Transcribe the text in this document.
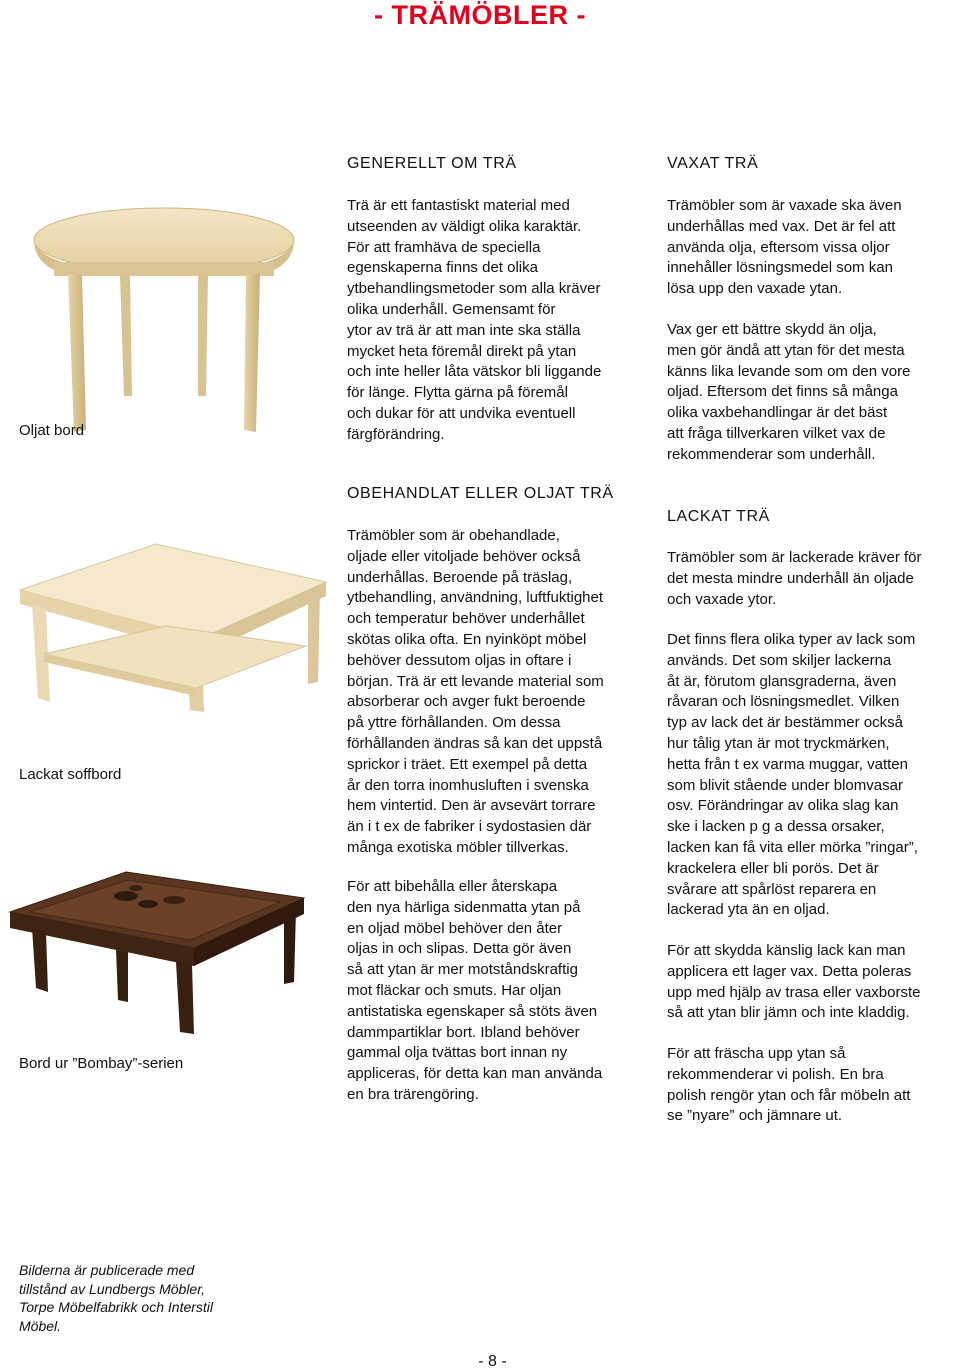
- TRÄMÖBLER -
Oljat bord
Lackat soffbord
Bord ur ”Bombay”-serien
GENERELLT OM TRÄ

Trä är ett fantastiskt material med
utseenden av väldigt olika karaktär.
För att framhäva de speciella
egenskaperna finns det olika
ytbehandlingsmetoder som alla kräver
olika underhåll. Gemensamt för
ytor av trä är att man inte ska ställa
mycket heta föremål direkt på ytan
och inte heller låta vätskor bli liggande
för länge. Flytta gärna på föremål
och dukar för att undvika eventuell
färgförändring.

OBEHANDLAT ELLER OLJAT TRÄ

Trämöbler som är obehandlade,
oljade eller vitoljade behöver också
underhållas. Beroende på träslag,
ytbehandling, användning, luftfuktighet
och temperatur behöver underhållet
skötas olika ofta. En nyinköpt möbel
behöver dessutom oljas in oftare i
början. Trä är ett levande material som
absorberar och avger fukt beroende
på yttre förhållanden. Om dessa
förhållanden ändras så kan det uppstå
sprickor i träet. Ett exempel på detta
år den torra inomhusluften i svenska
hem vintertid. Den är avsevärt torrare
än i t ex de fabriker i sydostasien där
många exotiska möbler tillverkas.

För att bibehålla eller återskapa
den nya härliga sidenmatta ytan på
en oljad möbel behöver den åter
oljas in och slipas. Detta gör även
så att ytan är mer motståndskraftig
mot fläckar och smuts. Har oljan
antistatiska egenskaper så stöts även
dammpartiklar bort. Ibland behöver
gammal olja tvättas bort innan ny
appliceras, för detta kan man använda
en bra trärengöring.

VAXAT TRÄ

Trämöbler som är vaxade ska även
underhållas med vax. Det är fel att
använda olja, eftersom vissa oljor
innehåller lösningsmedel som kan
lösa upp den vaxade ytan.

Vax ger ett bättre skydd än olja,
men gör ändå att ytan för det mesta
känns lika levande som om den vore
oljad. Eftersom det finns så många
olika vaxbehandlingar är det bäst
att fråga tillverkaren vilket vax de
rekommenderar som underhåll.

LACKAT TRÄ

Trämöbler som är lackerade kräver för
det mesta mindre underhåll än oljade
och vaxade ytor.

Det finns flera olika typer av lack som
används. Det som skiljer lackerna
åt är, förutom glansgraderna, även
råvaran och lösningsmedlet. Vilken
typ av lack det är bestämmer också
hur tålig ytan är mot tryckmärken,
hetta från t ex varma muggar, vatten
som blivit stående under blomvasar
osv. Förändringar av olika slag kan
ske i lacken p g a dessa orsaker,
lacken kan få vita eller mörka ”ringar”,
krackelera eller bli porös. Det är
svårare att spårlöst reparera en
lackerad yta än en oljad.

För att skydda känslig lack kan man
applicera ett lager vax. Detta poleras
upp med hjälp av trasa eller vaxborste
så att ytan blir jämn och inte kladdig.

För att fräscha upp ytan så
rekommenderar vi polish. En bra
polish rengör ytan och får möbeln att
se ”nyare” och jämnare ut.

Bilderna är publicerade med
tillstånd av Lundbergs Möbler,
Torpe Möbelfabrikk och Interstil
Möbel.
- 8 -
